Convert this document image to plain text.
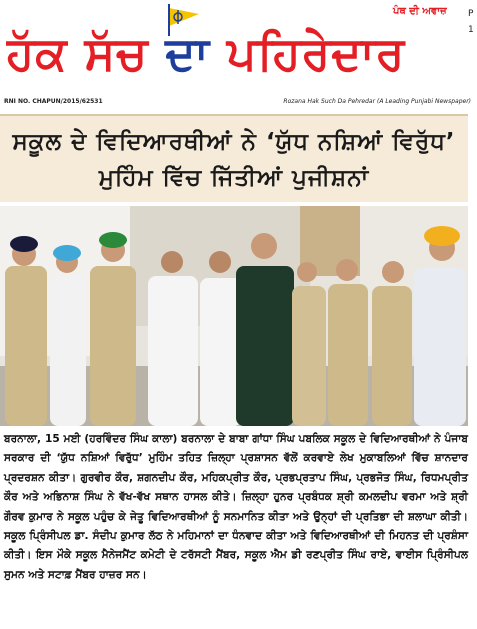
ਪੰਥ ਦੀ ਅਵਾਜ਼ P
1
ਹੱਕ ਸੱਚ ਦਾ ਪਹਿਰੇਦਾਰ
RNI NO. CHAPUN/2015/62531	Rozana Hak Such Da Pehredar (A Leading Punjabi Newspaper)
ਸਕੂਲ ਦੇ ਵਿਦਿਆਰਥੀਆਂ ਨੇ ‘ਯੁੱਧ ਨਸ਼ਿਆਂ ਵਿਰੁੱਧ’ ਮੁਹਿੰਮ ਵਿੱਚ ਜਿੱਤੀਆਂ ਪੁਜੀਸ਼ਨਾਂ
ਬਰਨਾਲਾ, 15 ਮਈ (ਹਰਵਿੰਦਰ ਸਿੰਘ ਕਾਲਾ) ਬਰਨਾਲਾ ਦੇ ਬਾਬਾ ਗਾਂਧਾ ਸਿੰਘ ਪਬਲਿਕ ਸਕੂਲ ਦੇ ਵਿਦਿਆਰਥੀਆਂ ਨੇ ਪੰਜਾਬ ਸਰਕਾਰ ਦੀ ‘ਯੁੱਧ ਨਸ਼ਿਆਂ ਵਿਰੁੱਧ’ ਮੁਹਿੰਮ ਤਹਿਤ ਜ਼ਿਲ੍ਹਾ ਪ੍ਰਸ਼ਾਸਨ ਵੱਲੋਂ ਕਰਵਾਏ ਲੇਖ ਮੁਕਾਬਲਿਆਂ ਵਿੱਚ ਸ਼ਾਨਦਾਰ ਪ੍ਰਦਰਸ਼ਨ ਕੀਤਾ। ਗੁਰਵੀਰ ਕੌਰ, ਸ਼ਗਨਦੀਪ ਕੌਰ, ਮਹਿਕਪ੍ਰੀਤ ਕੌਰ, ਪ੍ਰਭਪ੍ਰਤਾਪ ਸਿੰਘ, ਪ੍ਰਭਜੋਤ ਸਿੰਘ, ਰਿਧਮਪ੍ਰੀਤ ਕੌਰ ਅਤੇ ਅਭਿਨਾਸ਼ ਸਿੰਘ ਨੇ ਵੱਖ-ਵੱਖ ਸਥਾਨ ਹਾਸਲ ਕੀਤੇ। ਜ਼ਿਲ੍ਹਾ ਹੁਨਰ ਪ੍ਰਬੰਧਕ ਸ਼੍ਰੀ ਕਮਲਦੀਪ ਵਰਮਾ ਅਤੇ ਸ਼੍ਰੀ ਗੌਰਵ ਕੁਮਾਰ ਨੇ ਸਕੂਲ ਪਹੁੰਚ ਕੇ ਜੇਤੂ ਵਿਦਿਆਰਥੀਆਂ ਨੂੰ ਸਨਮਾਨਿਤ ਕੀਤਾ ਅਤੇ ਉਨ੍ਹਾਂ ਦੀ ਪ੍ਰਤਿਭਾ ਦੀ ਸ਼ਲਾਘਾ ਕੀਤੀ। ਸਕੂਲ ਪ੍ਰਿੰਸੀਪਲ ਡਾ. ਸੰਦੀਪ ਕੁਮਾਰ ਲੱਠ ਨੇ ਮਹਿਮਾਨਾਂ ਦਾ ਧੰਨਵਾਦ ਕੀਤਾ ਅਤੇ ਵਿਦਿਆਰਥੀਆਂ ਦੀ ਮਿਹਨਤ ਦੀ ਪ੍ਰਸ਼ੰਸਾ ਕੀਤੀ। ਇਸ ਮੌਕੇ ਸਕੂਲ ਮੈਨੇਜਮੈਂਟ ਕਮੇਟੀ ਦੇ ਟਰੱਸਟੀ ਮੈਂਬਰ, ਸਕੂਲ ਐਮ ਡੀ ਰਣਪ੍ਰੀਤ ਸਿੰਘ ਰਾਏ, ਵਾਈਸ ਪ੍ਰਿੰਸੀਪਲ ਸੁਮਨ ਅਤੇ ਸਟਾਫ਼ ਮੈਂਬਰ ਹਾਜ਼ਰ ਸਨ।
